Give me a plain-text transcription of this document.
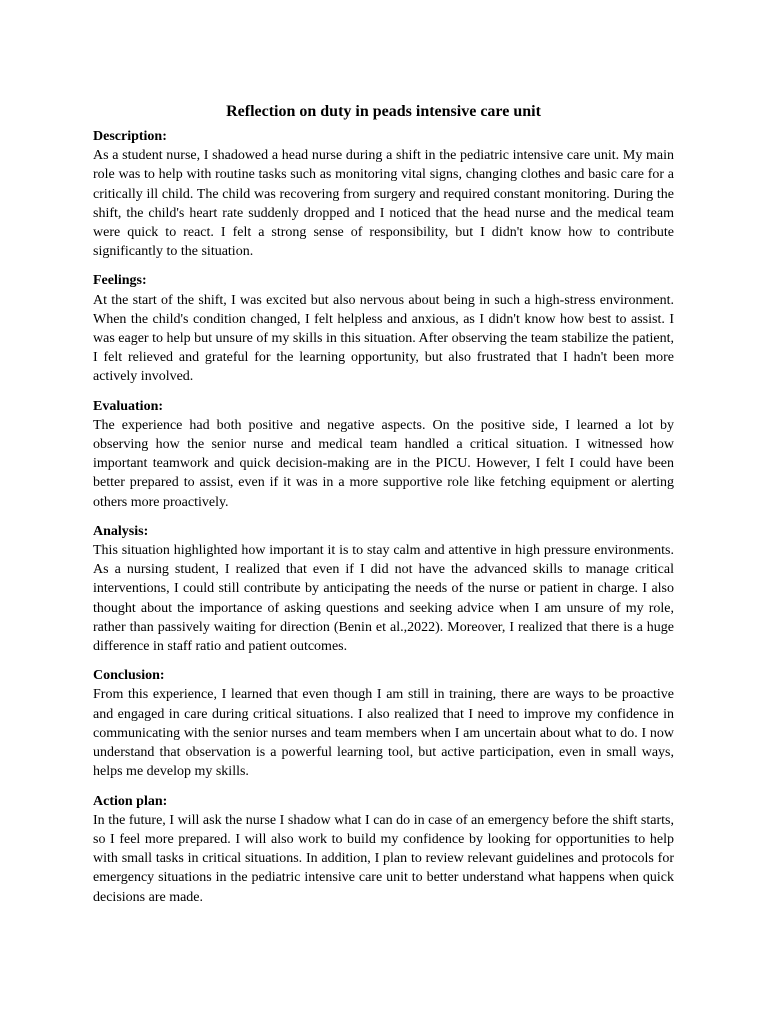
Reflection on duty in peads intensive care unit

Description:

As a student nurse, I shadowed a head nurse during a shift in the pediatric intensive care unit. My main role was to help with routine tasks such as monitoring vital signs, changing clothes and basic care for a critically ill child. The child was recovering from surgery and required constant monitoring. During the shift, the child's heart rate suddenly dropped and I noticed that the head nurse and the medical team were quick to react. I felt a strong sense of responsibility, but I didn't know how to contribute significantly to the situation.

Feelings:

At the start of the shift, I was excited but also nervous about being in such a high-stress environment. When the child's condition changed, I felt helpless and anxious, as I didn't know how best to assist. I was eager to help but unsure of my skills in this situation. After observing the team stabilize the patient, I felt relieved and grateful for the learning opportunity, but also frustrated that I hadn't been more actively involved.

Evaluation:

The experience had both positive and negative aspects. On the positive side, I learned a lot by observing how the senior nurse and medical team handled a critical situation. I witnessed how important teamwork and quick decision-making are in the PICU. However, I felt I could have been better prepared to assist, even if it was in a more supportive role like fetching equipment or alerting others more proactively.

Analysis:

This situation highlighted how important it is to stay calm and attentive in high pressure environments. As a nursing student, I realized that even if I did not have the advanced skills to manage critical interventions, I could still contribute by anticipating the needs of the nurse or patient in charge. I also thought about the importance of asking questions and seeking advice when I am unsure of my role, rather than passively waiting for direction (Benin et al.,2022). Moreover, I realized that there is a huge difference in staff ratio and patient outcomes.

Conclusion:

From this experience, I learned that even though I am still in training, there are ways to be proactive and engaged in care during critical situations. I also realized that I need to improve my confidence in communicating with the senior nurses and team members when I am uncertain about what to do. I now understand that observation is a powerful learning tool, but active participation, even in small ways, helps me develop my skills.

Action plan:

In the future, I will ask the nurse I shadow what I can do in case of an emergency before the shift starts, so I feel more prepared. I will also work to build my confidence by looking for opportunities to help with small tasks in critical situations. In addition, I plan to review relevant guidelines and protocols for emergency situations in the pediatric intensive care unit to better understand what happens when quick decisions are made.
